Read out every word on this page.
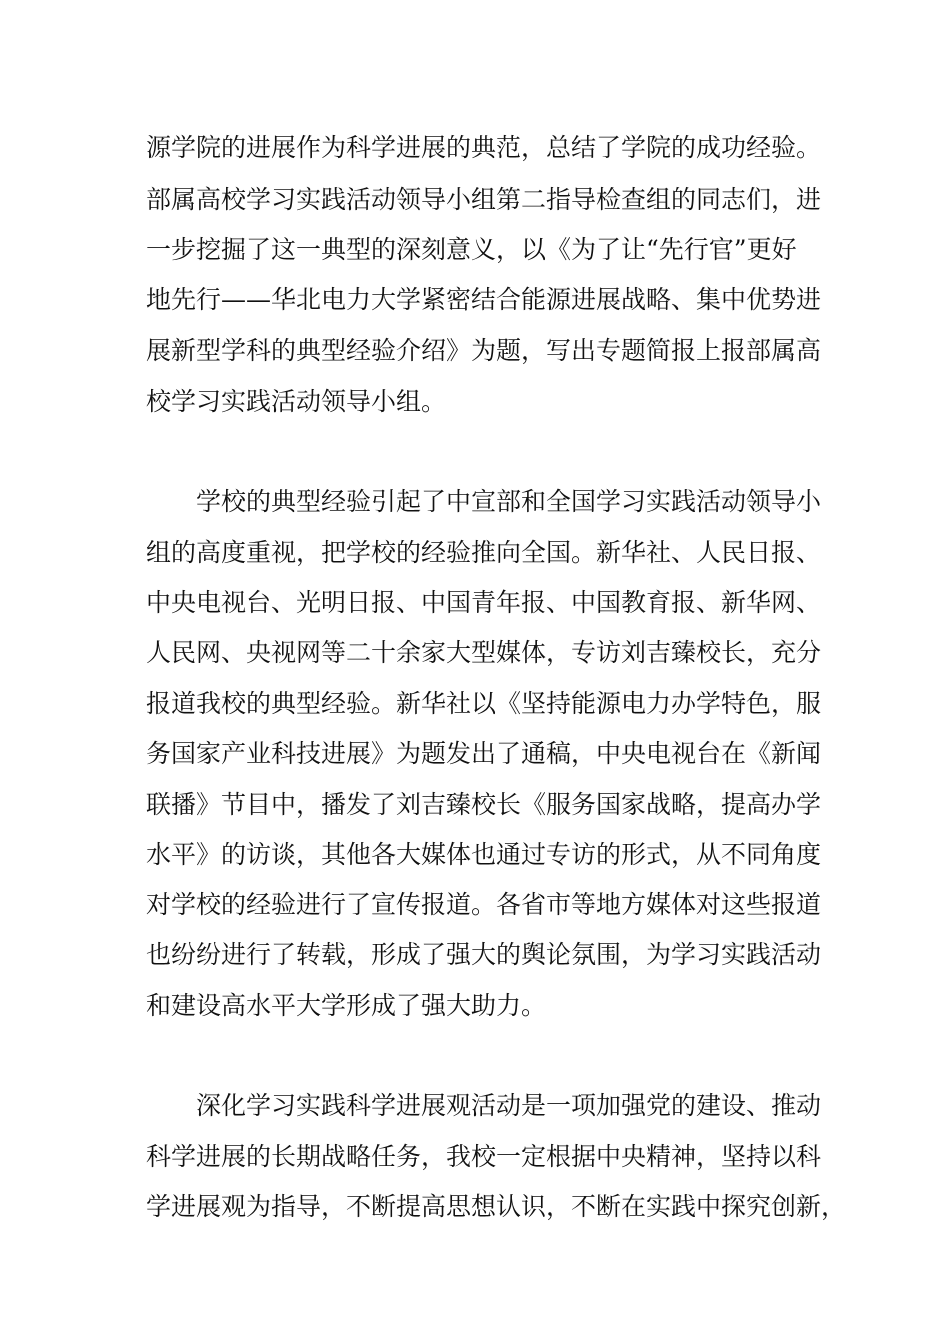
源学院的进展作为科学进展的典范，总结了学院的成功经验。
部属高校学习实践活动领导小组第二指导检查组的同志们，进
一步挖掘了这一典型的深刻意义，以《为了让“先行官”更好
地先行——华北电力大学紧密结合能源进展战略、集中优势进
展新型学科的典型经验介绍》为题，写出专题简报上报部属高
校学习实践活动领导小组。
学校的典型经验引起了中宣部和全国学习实践活动领导小
组的高度重视，把学校的经验推向全国。新华社、人民日报、
中央电视台、光明日报、中国青年报、中国教育报、新华网、
人民网、央视网等二十余家大型媒体，专访刘吉臻校长，充分
报道我校的典型经验。新华社以《坚持能源电力办学特色，服
务国家产业科技进展》为题发出了通稿，中央电视台在《新闻
联播》节目中，播发了刘吉臻校长《服务国家战略，提高办学
水平》的访谈，其他各大媒体也通过专访的形式，从不同角度
对学校的经验进行了宣传报道。各省市等地方媒体对这些报道
也纷纷进行了转载，形成了强大的舆论氛围，为学习实践活动
和建设高水平大学形成了强大助力。
深化学习实践科学进展观活动是一项加强党的建设、推动
科学进展的长期战略任务，我校一定根据中央精神，坚持以科
学进展观为指导，不断提高思想认识，不断在实践中探究创新，
